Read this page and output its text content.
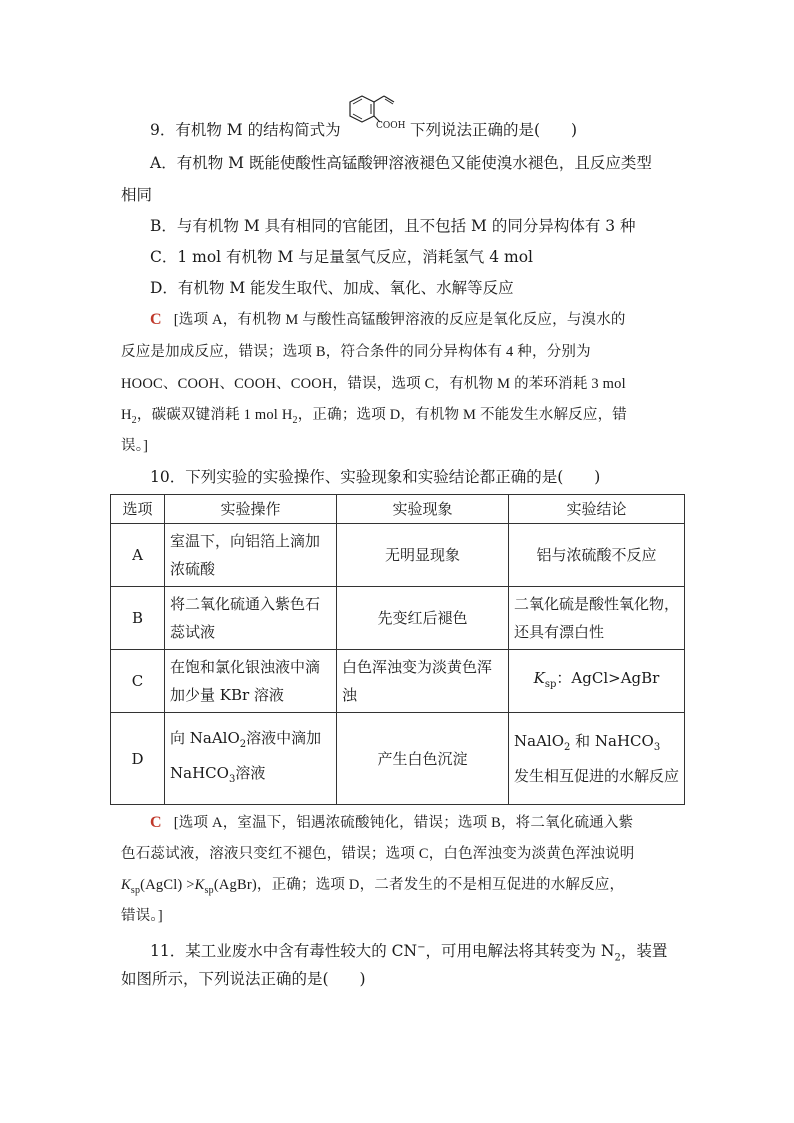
COOH
9．有机物 M 的结构简式为	下列说法正确的是(　　)
A．有机物 M 既能使酸性高锰酸钾溶液褪色又能使溴水褪色，且反应类型
相同
B．与有机物 M 具有相同的官能团，且不包括 M 的同分异构体有 3 种
C．1 mol 有机物 M 与足量氢气反应，消耗氢气 4 mol
D．有机物 M 能发生取代、加成、氧化、水解等反应
C [选项 A，有机物 M 与酸性高锰酸钾溶液的反应是氧化反应，与溴水的
反应是加成反应，错误；选项 B，符合条件的同分异构体有 4 种，分别为
HOOC、COOH、COOH、COOH，错误，选项 C，有机物 M 的苯环消耗 3 mol
$H_2$，碳碳双键消耗 1 mol $H_2$，正确；选项 D，有机物 M 不能发生水解反应，错
误。]
10．下列实验的实验操作、实验现象和实验结论都正确的是(　　)
选项	实验操作	实验现象	实验结论
A	室温下，向铝箔上滴加浓硫酸	无明显现象	铝与浓硫酸不反应
B	将二氧化硫通入紫色石蕊试液	先变红后褪色	二氧化硫是酸性氧化物，还具有漂白性
C	在饱和氯化银浊液中滴加少量 KBr 溶液	白色浑浊变为淡黄色浑浊	$K_{sp}$：AgCl>AgBr
D	向 NaAlO$_2$溶液中滴加
NaHCO$_3$溶液	产生白色沉淀	NaAlO$_2$ 和 NaHCO$_3$ 发生相互促进的水解反应
C [选项 A，室温下，铝遇浓硫酸钝化，错误；选项 B，将二氧化硫通入紫
色石蕊试液，溶液只变红不褪色，错误；选项 C，白色浑浊变为淡黄色浑浊说明
$K_{sp}(AgCl)$ $>K_{sp}(AgBr)$，正确；选项 D，二者发生的不是相互促进的水解反应，
错误。]
11．某工业废水中含有毒性较大的 CN−，可用电解法将其转变为 $N_2$，装置
如图所示，下列说法正确的是(　　)
